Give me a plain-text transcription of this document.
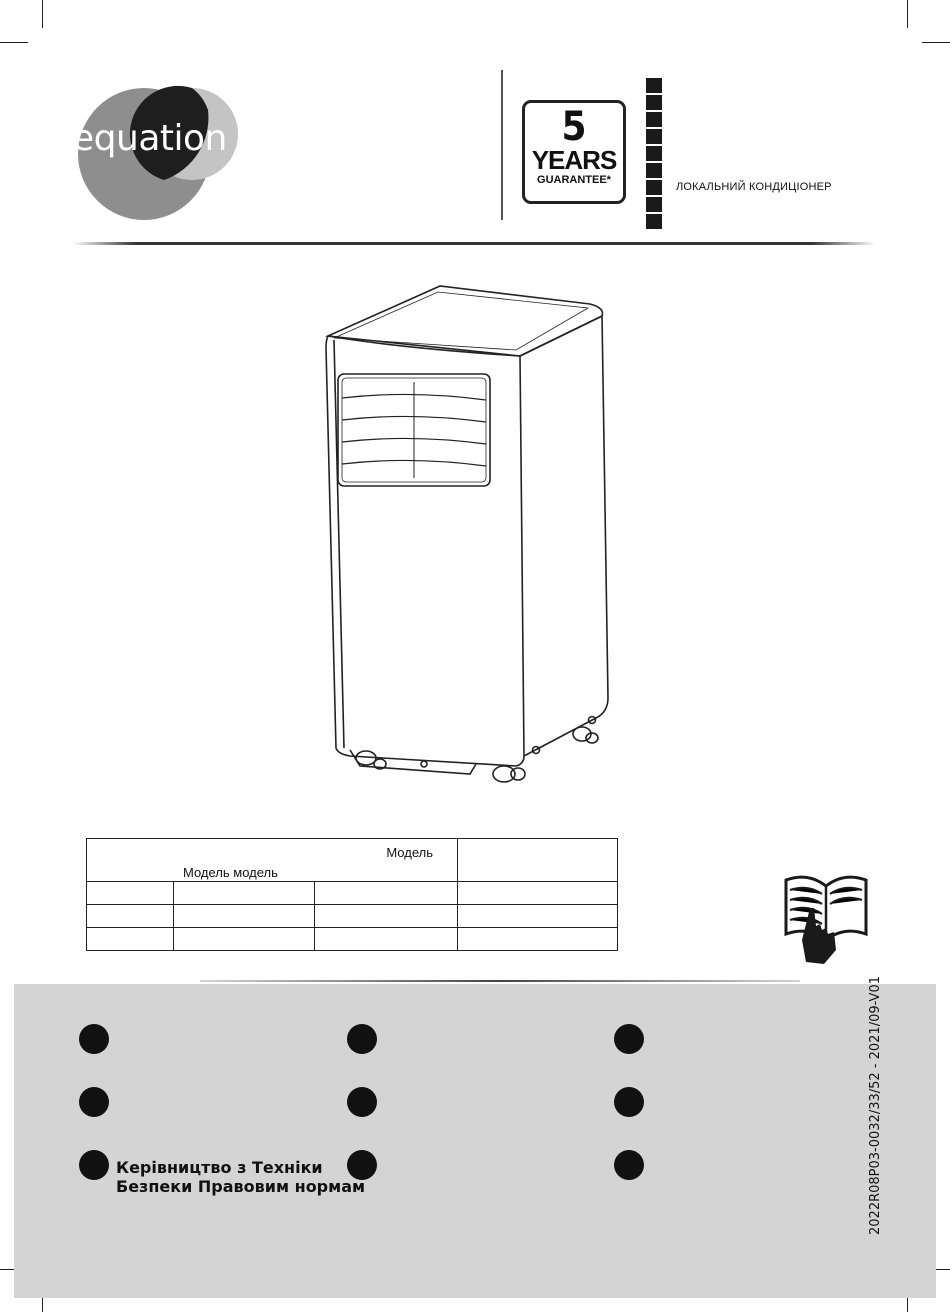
equation	5
YEARS
GUARANTEE*
ЛОКАЛЬНИЙ КОНДИЦІОНЕР
Модель
Модель модель			

Керівництво з Техніки
Безпеки Правовим нормам	2022R08P03-0032/33/52 - 2021/09-V01
